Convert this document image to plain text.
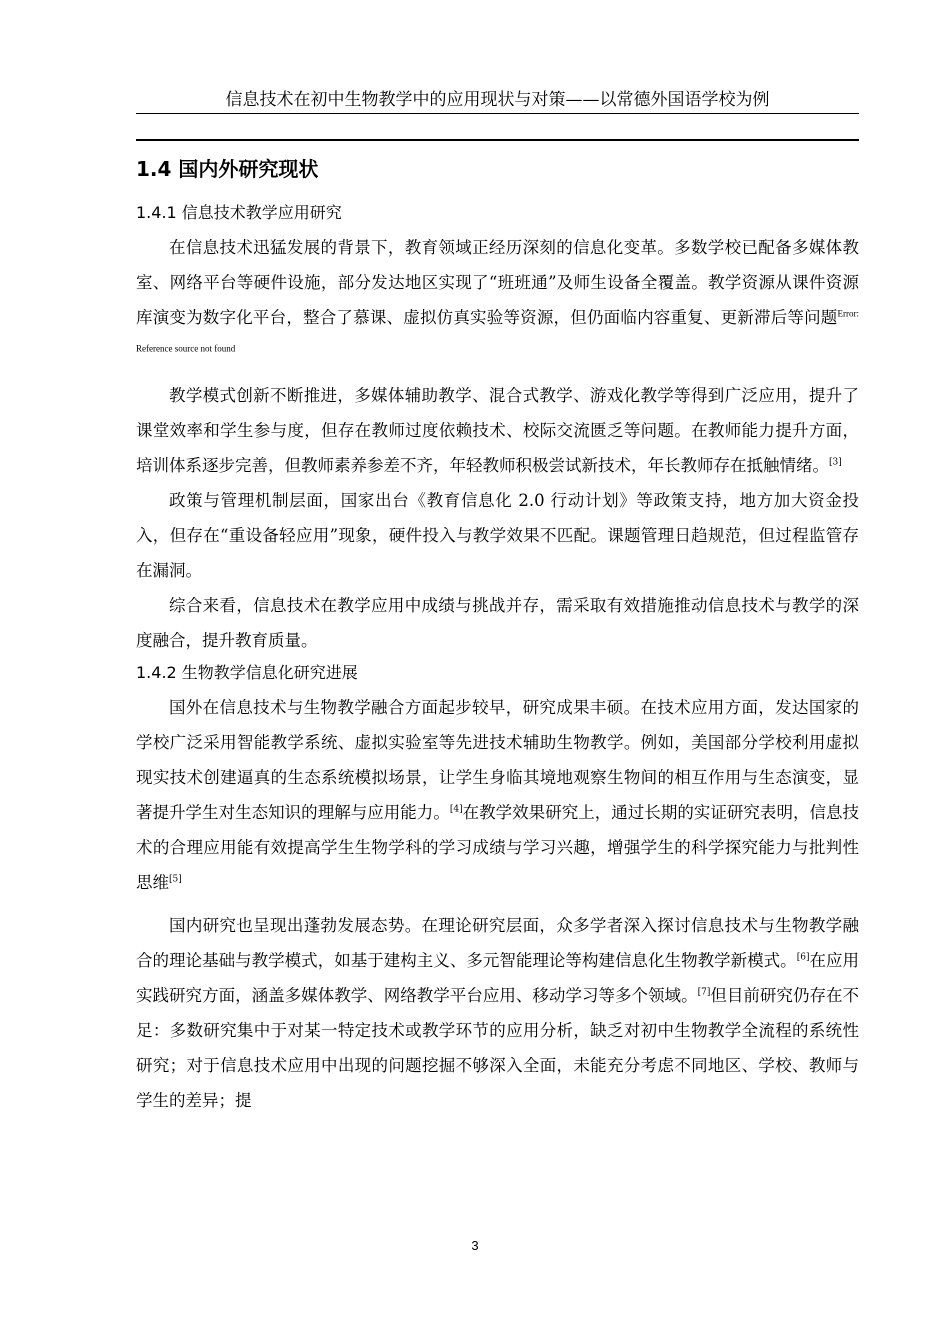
信息技术在初中生物教学中的应用现状与对策——以常德外国语学校为例
1.4 国内外研究现状
1.4.1 信息技术教学应用研究

在信息技术迅猛发展的背景下，教育领域正经历深刻的信息化变革。多数学校已配备多媒体教室、网络平台等硬件设施，部分发达地区实现了“班班通”及师生设备全覆盖。教学资源从课件资源库演变为数字化平台，整合了慕课、虚拟仿真实验等资源，但仍面临内容重复、更新滞后等问题$^{Error: Reference source not found}$

教学模式创新不断推进，多媒体辅助教学、混合式教学、游戏化教学等得到广泛应用，提升了课堂效率和学生参与度，但存在教师过度依赖技术、校际交流匮乏等问题。在教师能力提升方面，培训体系逐步完善，但教师素养参差不齐，年轻教师积极尝试新技术，年长教师存在抵触情绪。[3]

政策与管理机制层面，国家出台《教育信息化 2.0 行动计划》等政策支持，地方加大资金投入，但存在“重设备轻应用”现象，硬件投入与教学效果不匹配。课题管理日趋规范，但过程监管存在漏洞。

综合来看，信息技术在教学应用中成绩与挑战并存，需采取有效措施推动信息技术与教学的深度融合，提升教育质量。

1.4.2 生物教学信息化研究进展

国外在信息技术与生物教学融合方面起步较早，研究成果丰硕。在技术应用方面，发达国家的学校广泛采用智能教学系统、虚拟实验室等先进技术辅助生物教学。例如，美国部分学校利用虚拟现实技术创建逼真的生态系统模拟场景，让学生身临其境地观察生物间的相互作用与生态演变，显著提升学生对生态知识的理解与应用能力。[4]在教学效果研究上，通过长期的实证研究表明，信息技术的合理应用能有效提高学生生物学科的学习成绩与学习兴趣，增强学生的科学探究能力与批判性思维[5]

国内研究也呈现出蓬勃发展态势。在理论研究层面，众多学者深入探讨信息技术与生物教学融合的理论基础与教学模式，如基于建构主义、多元智能理论等构建信息化生物教学新模式。[6]在应用实践研究方面，涵盖多媒体教学、网络教学平台应用、移动学习等多个领域。[7]但目前研究仍存在不足：多数研究集中于对某一特定技术或教学环节的应用分析，缺乏对初中生物教学全流程的系统性研究；对于信息技术应用中出现的问题挖掘不够深入全面，未能充分考虑不同地区、学校、教师与学生的差异；提

3
